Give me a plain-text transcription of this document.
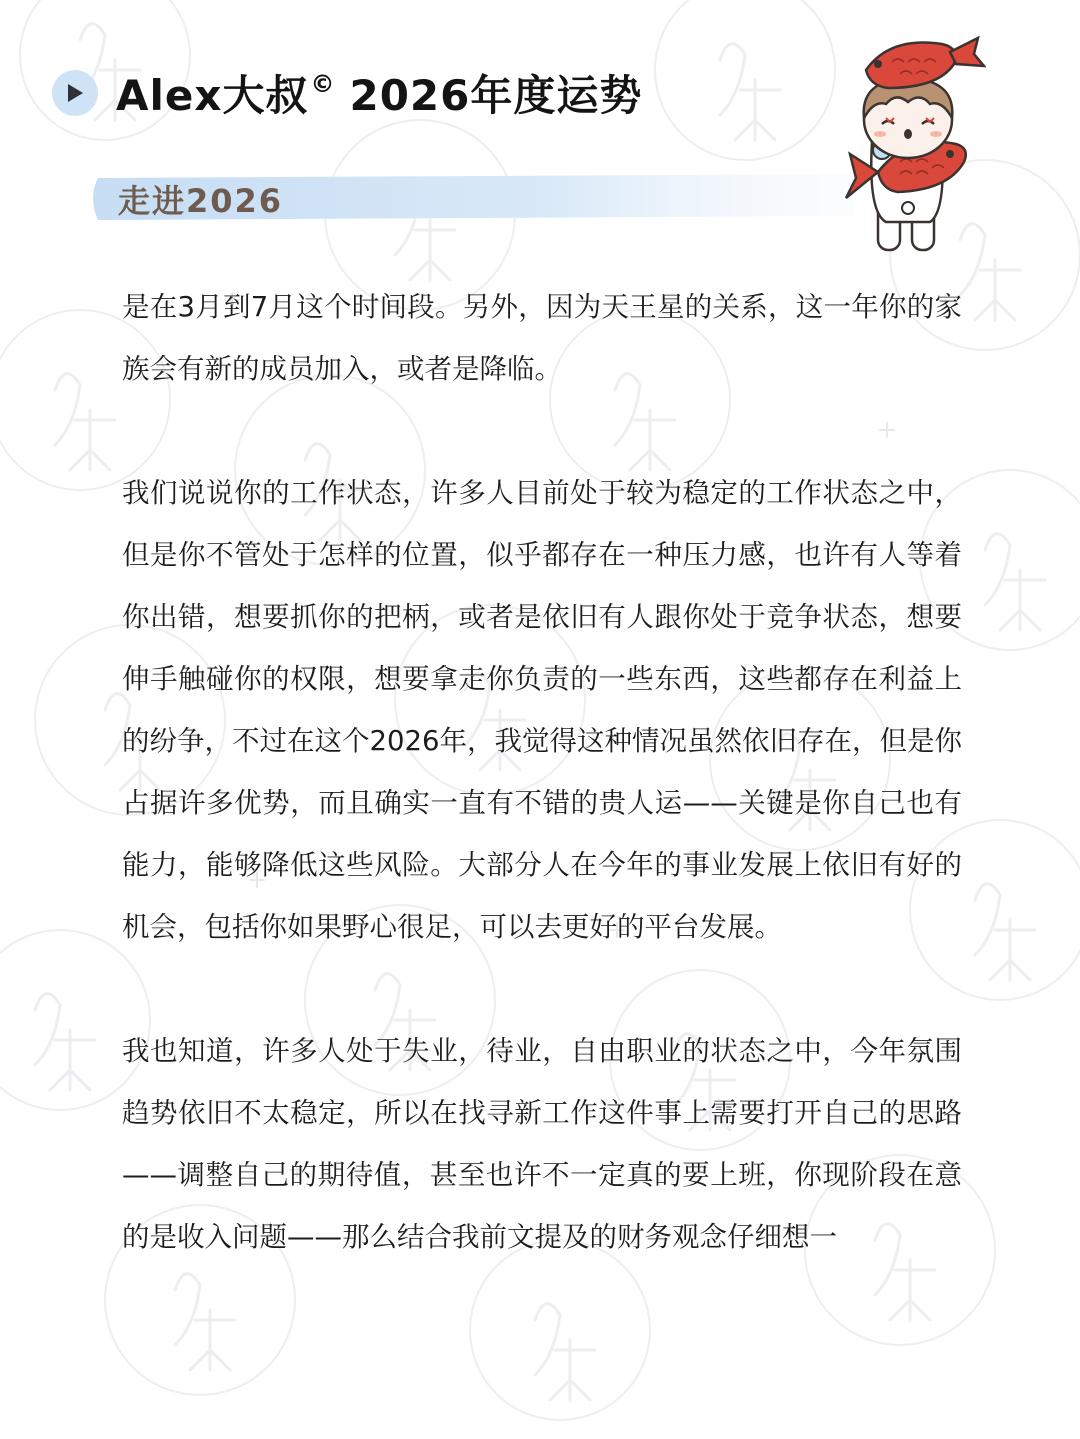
Alex大叔© 2026年度运势
走进2026

是在3月到7月这个时间段。另外，因为天王星的关系，这一年你的家族会有新的成员加入，或者是降临。

我们说说你的工作状态，许多人目前处于较为稳定的工作状态之中，但是你不管处于怎样的位置，似乎都存在一种压力感，也许有人等着你出错，想要抓你的把柄，或者是依旧有人跟你处于竞争状态，想要伸手触碰你的权限，想要拿走你负责的一些东西，这些都存在利益上的纷争，不过在这个2026年，我觉得这种情况虽然依旧存在，但是你占据许多优势，而且确实一直有不错的贵人运——关键是你自己也有能力，能够降低这些风险。大部分人在今年的事业发展上依旧有好的机会，包括你如果野心很足，可以去更好的平台发展。

我也知道，许多人处于失业，待业，自由职业的状态之中，今年氛围趋势依旧不太稳定，所以在找寻新工作这件事上需要打开自己的思路——调整自己的期待值，甚至也许不一定真的要上班，你现阶段在意的是收入问题——那么结合我前文提及的财务观念仔细想一
